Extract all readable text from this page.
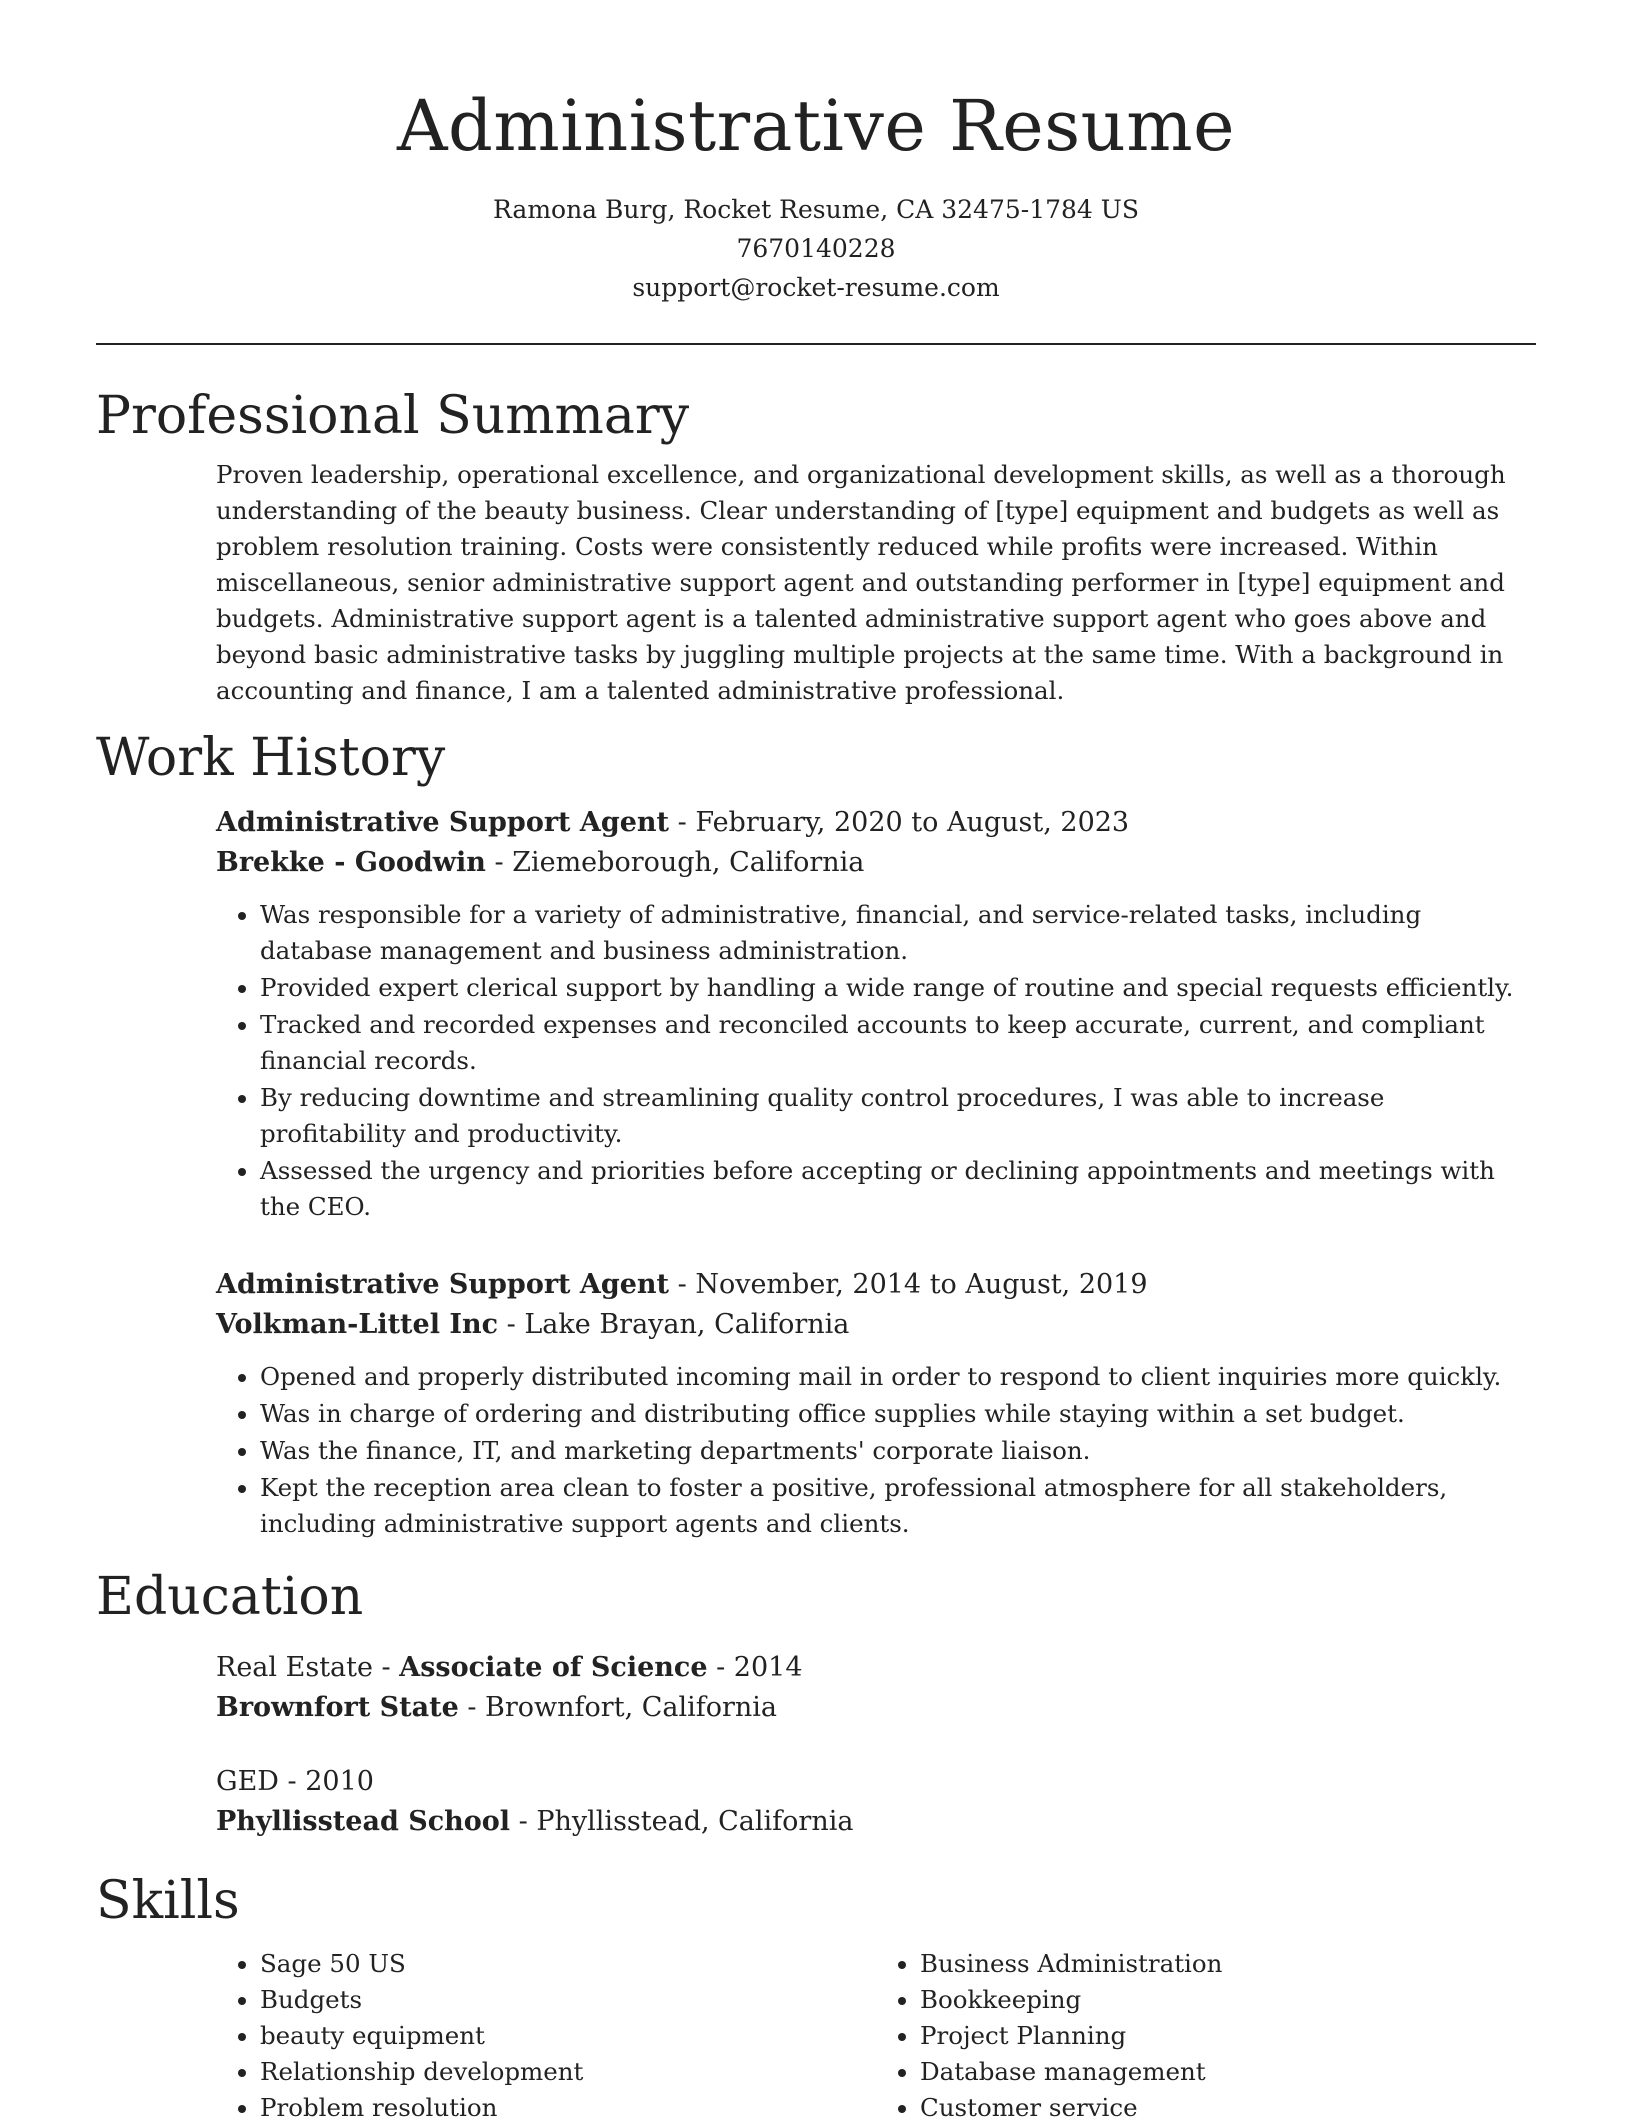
Administrative Resume
Ramona Burg, Rocket Resume, CA 32475-1784 US
7670140228
support@rocket-resume.com
Professional Summary
Proven leadership, operational excellence, and organizational development skills, as well as a thorough understanding of the beauty business. Clear understanding of [type] equipment and budgets as well as problem resolution training. Costs were consistently reduced while profits were increased. Within miscellaneous, senior administrative support agent and outstanding performer in [type] equipment and budgets. Administrative support agent is a talented administrative support agent who goes above and beyond basic administrative tasks by juggling multiple projects at the same time. With a background in accounting and finance, I am a talented administrative professional.
Work History
Administrative Support Agent - February, 2020 to August, 2023
Brekke - Goodwin - Ziemeborough, California
• Was responsible for a variety of administrative, financial, and service-related tasks, including database management and business administration.
• Provided expert clerical support by handling a wide range of routine and special requests efficiently.
• Tracked and recorded expenses and reconciled accounts to keep accurate, current, and compliant financial records.
• By reducing downtime and streamlining quality control procedures, I was able to increase profitability and productivity.
• Assessed the urgency and priorities before accepting or declining appointments and meetings with the CEO.
Administrative Support Agent - November, 2014 to August, 2019
Volkman-Littel Inc - Lake Brayan, California
• Opened and properly distributed incoming mail in order to respond to client inquiries more quickly.
• Was in charge of ordering and distributing office supplies while staying within a set budget.
• Was the finance, IT, and marketing departments' corporate liaison.
• Kept the reception area clean to foster a positive, professional atmosphere for all stakeholders, including administrative support agents and clients.
Education
Real Estate - Associate of Science - 2014
Brownfort State - Brownfort, California
GED - 2010
Phyllisstead School - Phyllisstead, California
Skills
• Sage 50 US
• Budgets
• beauty equipment
• Relationship development
• Problem resolution
• Business Administration
• Bookkeeping
• Project Planning
• Database management
• Customer service
